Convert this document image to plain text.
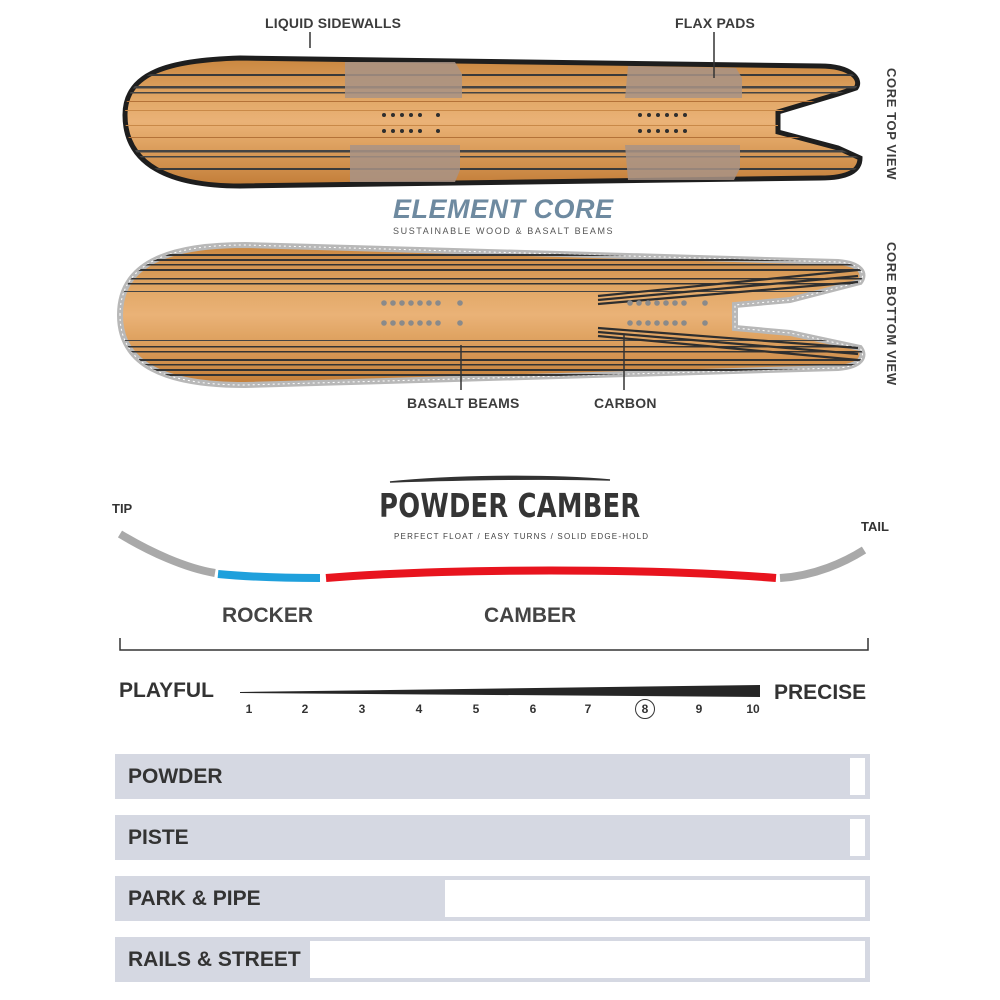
LIQUID SIDEWALLS	FLAX PADS
BASALT BEAMS	CARBON
CORE TOP VIEW
CORE BOTTOM VIEW
ELEMENT CORE
SUSTAINABLE WOOD & BASALT BEAMS
POWDER CAMBER
PERFECT FLOAT / EASY TURNS / SOLID EDGE-HOLD
TIP
TAIL
ROCKER	CAMBER
PLAYFUL	PRECISE
1	2	3	4	5	6	7	8	9	10
POWDER
PISTE
PARK & PIPE
RAILS & STREET
